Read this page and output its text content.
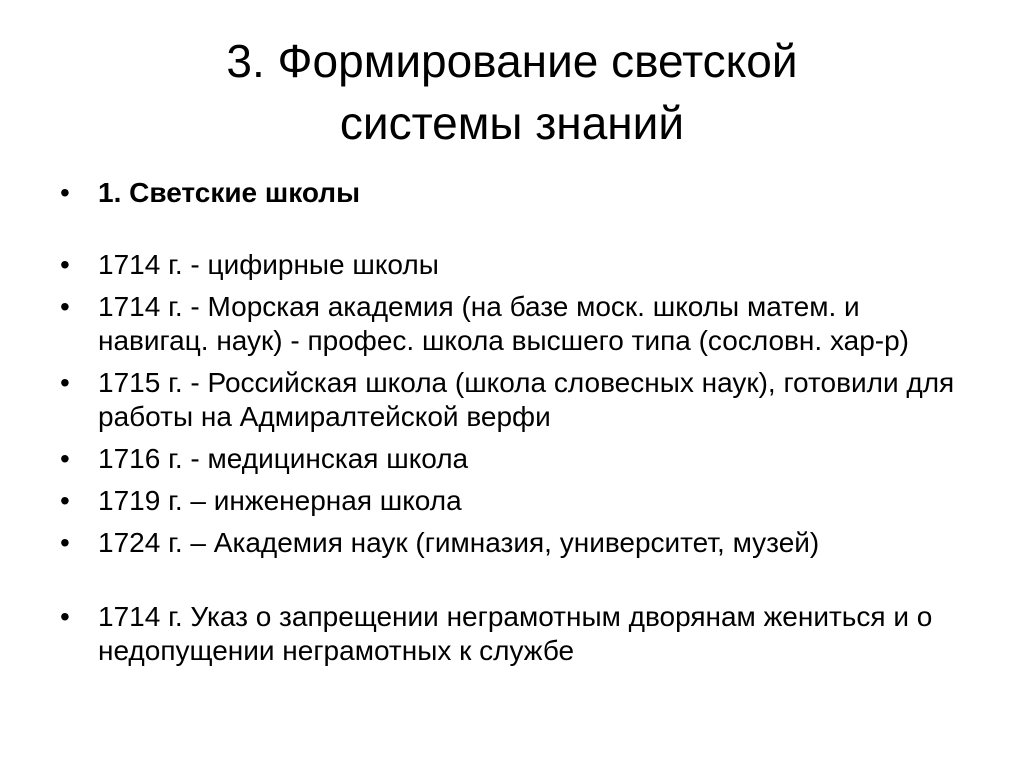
3. Формирование светской
системы знаний
•	1. Светские школы
•	1714 г. - цифирные школы
•	1714 г. - Морская академия (на базе моск. школы матем. и навигац. наук) - профес. школа высшего типа (сословн. хар-р)
•	1715 г. - Российская школа (школа словесных наук), готовили для работы на Адмиралтейской верфи
•	1716 г. - медицинская школа
•	1719 г. – инженерная школа
•	1724 г. – Академия наук (гимназия, университет, музей)
•	1714 г. Указ о запрещении неграмотным дворянам жениться и о недопущении неграмотных к службе
